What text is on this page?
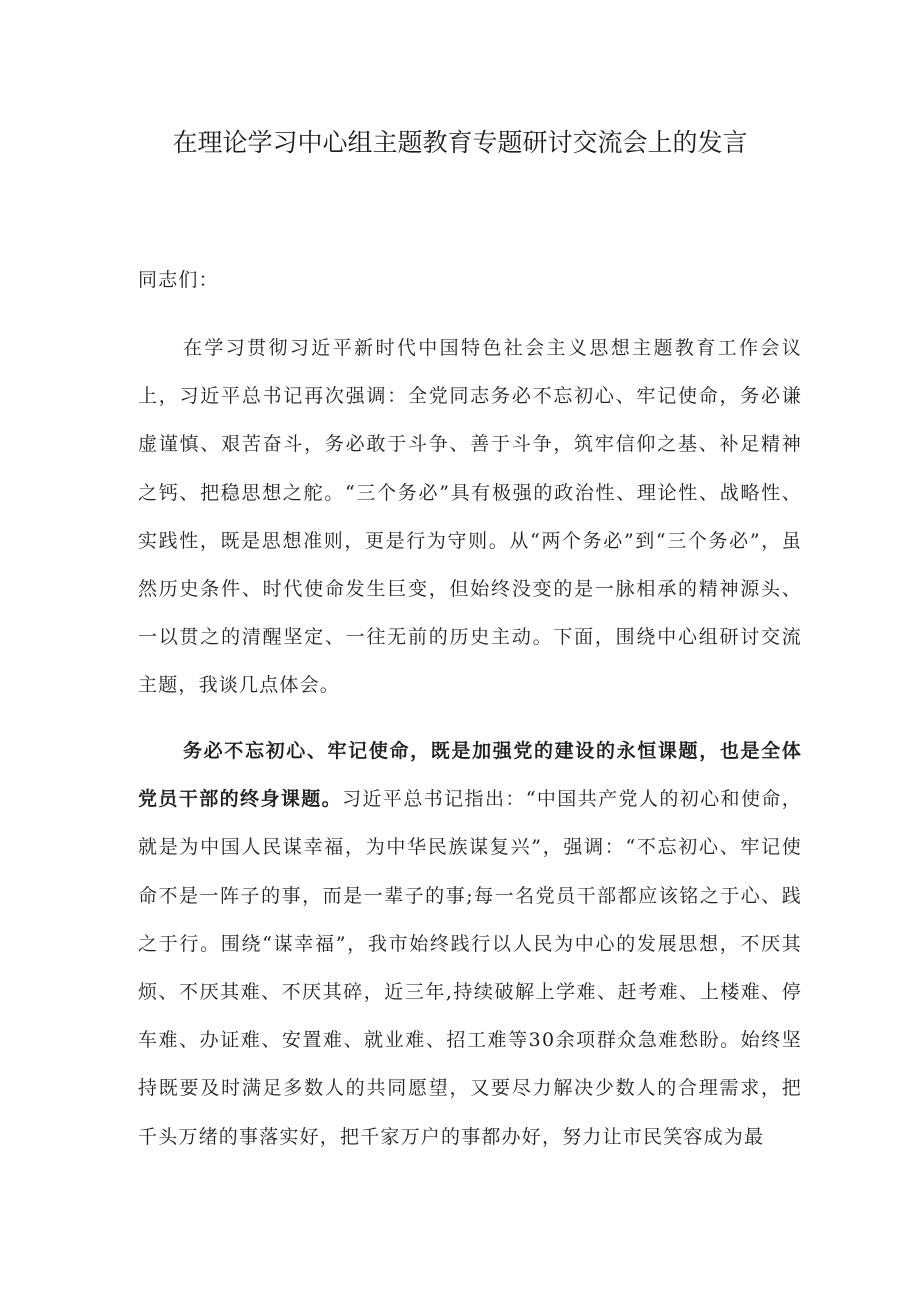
在理论学习中心组主题教育专题研讨交流会上的发言

同志们：

在学习贯彻习近平新时代中国特色社会主义思想主题教育工作会议上，习近平总书记再次强调：全党同志务必不忘初心、牢记使命，务必谦虚谨慎、艰苦奋斗，务必敢于斗争、善于斗争，筑牢信仰之基、补足精神之钙、把稳思想之舵。“三个务必”具有极强的政治性、理论性、战略性、实践性，既是思想准则，更是行为守则。从“两个务必”到“三个务必”，虽然历史条件、时代使命发生巨变，但始终没变的是一脉相承的精神源头、一以贯之的清醒坚定、一往无前的历史主动。下面，围绕中心组研讨交流主题，我谈几点体会。

务必不忘初心、牢记使命，既是加强党的建设的永恒课题，也是全体党员干部的终身课题。习近平总书记指出：“中国共产党人的初心和使命，就是为中国人民谋幸福，为中华民族谋复兴”，强调：“不忘初心、牢记使命不是一阵子的事，而是一辈子的事;每一名党员干部都应该铭之于心、践之于行。围绕“谋幸福”，我市始终践行以人民为中心的发展思想，不厌其烦、不厌其难、不厌其碎，近三年,持续破解上学难、赶考难、上楼难、停车难、办证难、安置难、就业难、招工难等30余项群众急难愁盼。始终坚持既要及时满足多数人的共同愿望，又要尽力解决少数人的合理需求，把千头万绪的事落实好，把千家万户的事都办好，努力让市民笑容成为最
